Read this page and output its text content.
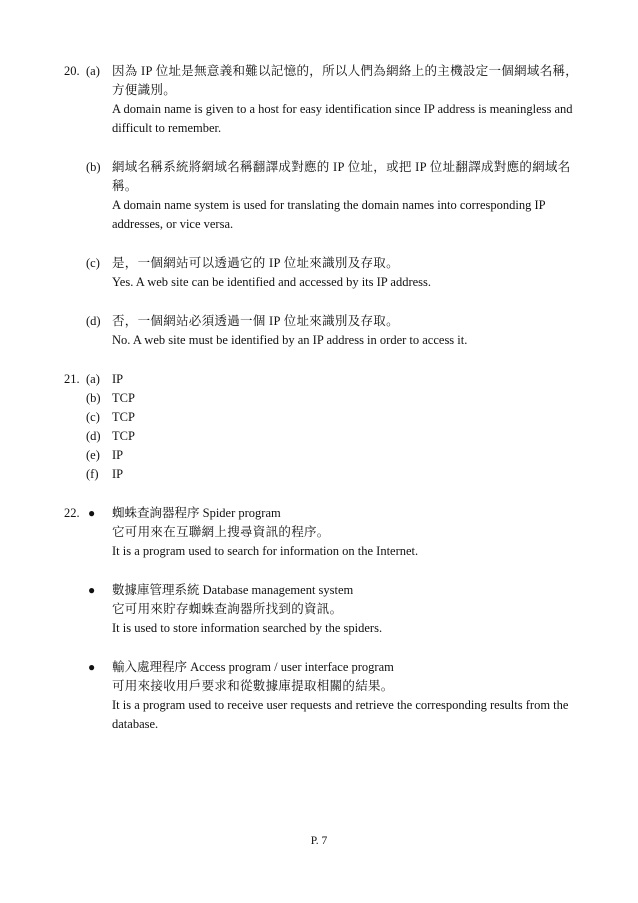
20. (a) 因為 IP 位址是無意義和難以記憶的，所以人們為網絡上的主機設定一個網域名稱，方便識別。
A domain name is given to a host for easy identification since IP address is meaningless and difficult to remember.
(b) 網域名稱系統將網域名稱翻譯成對應的 IP 位址，或把 IP 位址翻譯成對應的網域名稱。
A domain name system is used for translating the domain names into corresponding IP addresses, or vice versa.
(c) 是，一個網站可以透過它的 IP 位址來識別及存取。
Yes. A web site can be identified and accessed by its IP address.
(d) 否，一個網站必須透過一個 IP 位址來識別及存取。
No. A web site must be identified by an IP address in order to access it.
21. (a) IP
(b) TCP
(c) TCP
(d) TCP
(e) IP
(f) IP
22. ● 蜘蛛查詢器程序 Spider program
它可用來在互聯網上搜尋資訊的程序。
It is a program used to search for information on the Internet.
● 數據庫管理系統 Database management system
它可用來貯存蜘蛛查詢器所找到的資訊。
It is used to store information searched by the spiders.
● 輸入處理程序 Access program / user interface program
可用來接收用戶要求和從數據庫提取相關的結果。
It is a program used to receive user requests and retrieve the corresponding results from the database.
P. 7
